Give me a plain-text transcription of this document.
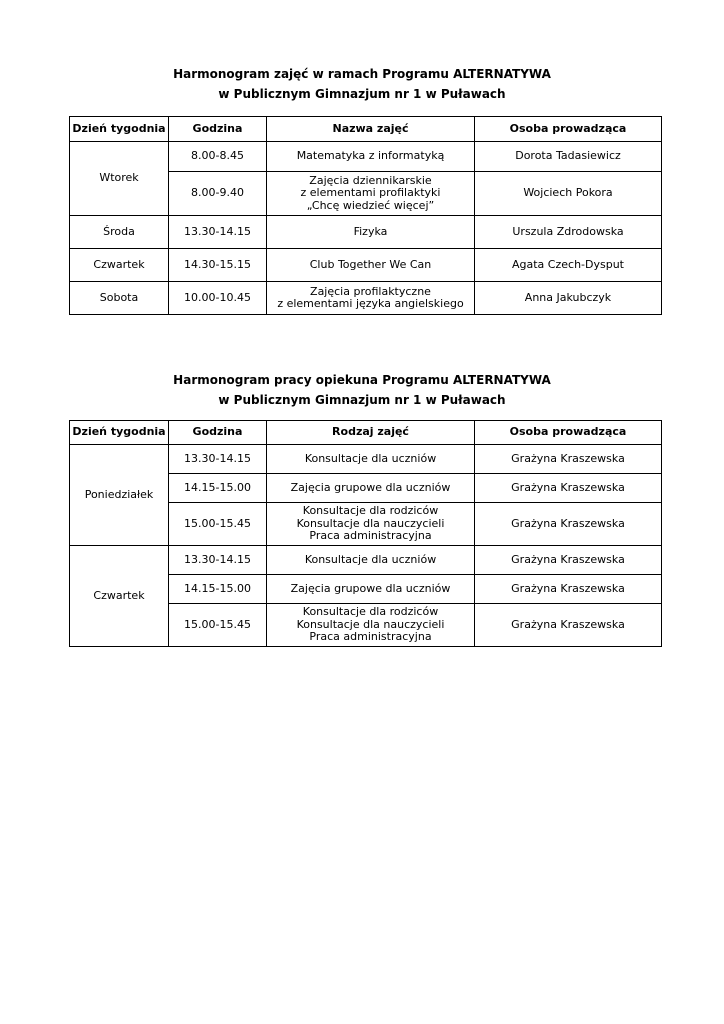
Harmonogram zajęć w ramach Programu ALTERNATYWA
w Publicznym Gimnazjum nr 1 w Puławach
Dzień tygodnia	Godzina	Nazwa zajęć	Osoba prowadząca
Wtorek	8.00-8.45	Matematyka z informatyką	Dorota Tadasiewicz
	8.00-9.40	Zajęcia dziennikarskie
z elementami profilaktyki
„Chcę wiedzieć więcej”	Wojciech Pokora
Środa	13.30-14.15	Fizyka	Urszula Zdrodowska
Czwartek	14.30-15.15	Club Together We Can	Agata Czech-Dysput
Sobota	10.00-10.45	Zajęcia profilaktyczne
z elementami języka angielskiego	Anna Jakubczyk
Harmonogram pracy opiekuna Programu ALTERNATYWA
w Publicznym Gimnazjum nr 1 w Puławach
Dzień tygodnia	Godzina	Rodzaj zajęć	Osoba prowadząca
Poniedziałek	13.30-14.15	Konsultacje dla uczniów	Grażyna Kraszewska
	14.15-15.00	Zajęcia grupowe dla uczniów	Grażyna Kraszewska
	15.00-15.45	Konsultacje dla rodziców
Konsultacje dla nauczycieli
Praca administracyjna	Grażyna Kraszewska
Czwartek	13.30-14.15	Konsultacje dla uczniów	Grażyna Kraszewska
	14.15-15.00	Zajęcia grupowe dla uczniów	Grażyna Kraszewska
	15.00-15.45	Konsultacje dla rodziców
Konsultacje dla nauczycieli
Praca administracyjna	Grażyna Kraszewska
